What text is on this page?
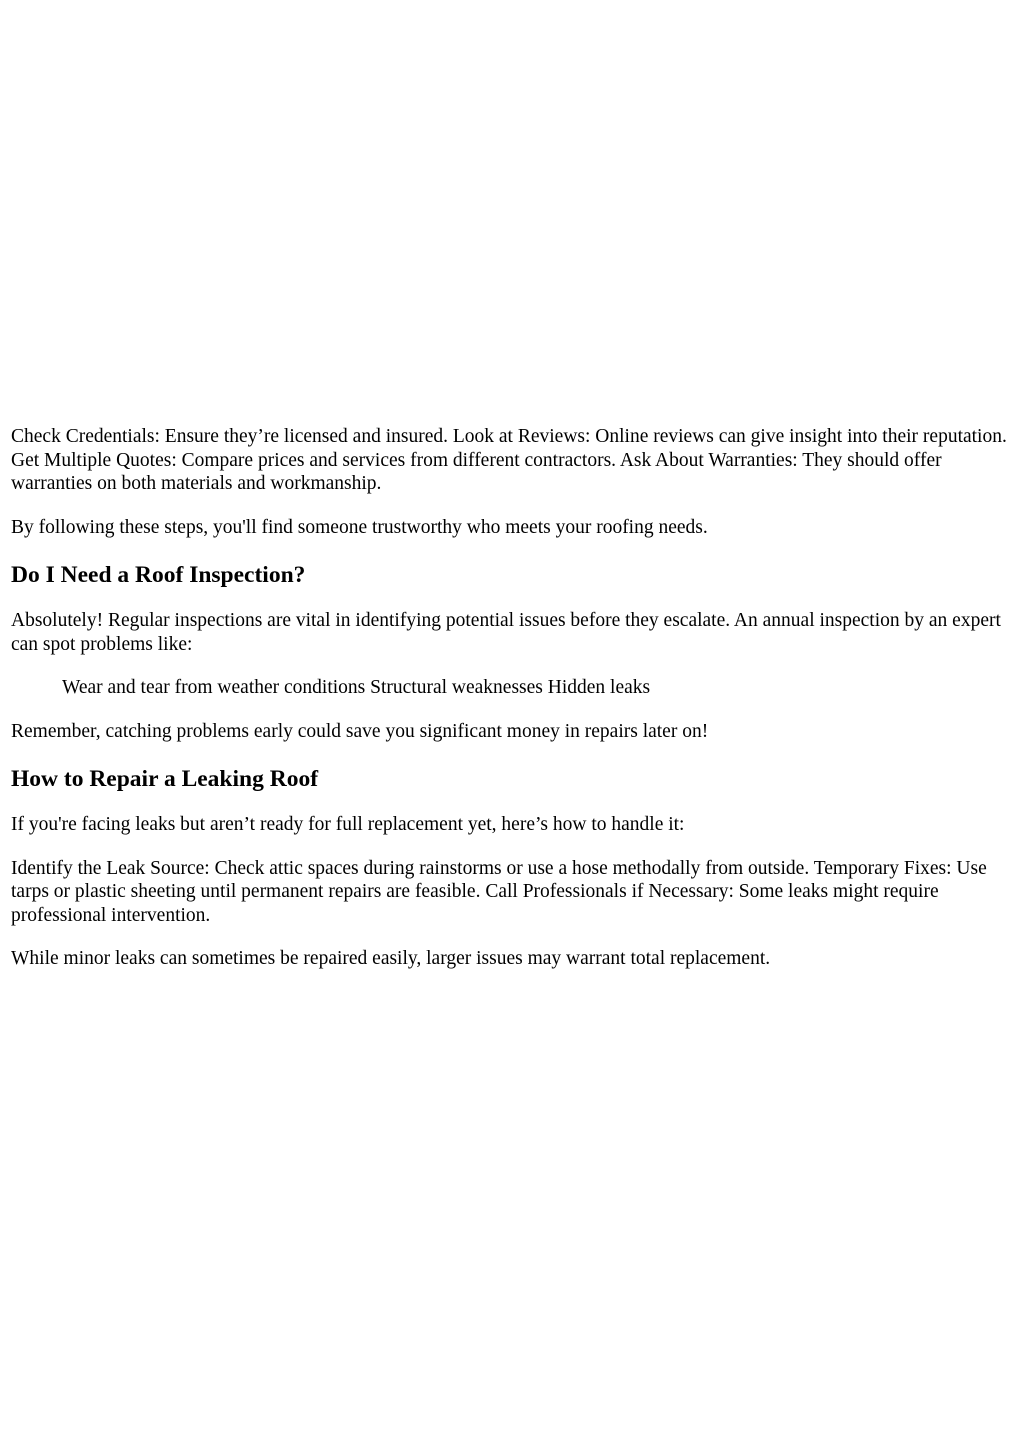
Check Credentials: Ensure they’re licensed and insured. Look at Reviews: Online reviews can give insight into their reputation. Get Multiple Quotes: Compare prices and services from different contractors. Ask About Warranties: They should offer warranties on both materials and workmanship.

By following these steps, you'll find someone trustworthy who meets your roofing needs.

Do I Need a Roof Inspection?

Absolutely! Regular inspections are vital in identifying potential issues before they escalate. An annual inspection by an expert can spot problems like:

Wear and tear from weather conditions Structural weaknesses Hidden leaks

Remember, catching problems early could save you significant money in repairs later on!

How to Repair a Leaking Roof

If you're facing leaks but aren’t ready for full replacement yet, here’s how to handle it:

Identify the Leak Source: Check attic spaces during rainstorms or use a hose methodally from outside. Temporary Fixes: Use tarps or plastic sheeting until permanent repairs are feasible. Call Professionals if Necessary: Some leaks might require professional intervention.

While minor leaks can sometimes be repaired easily, larger issues may warrant total replacement.
